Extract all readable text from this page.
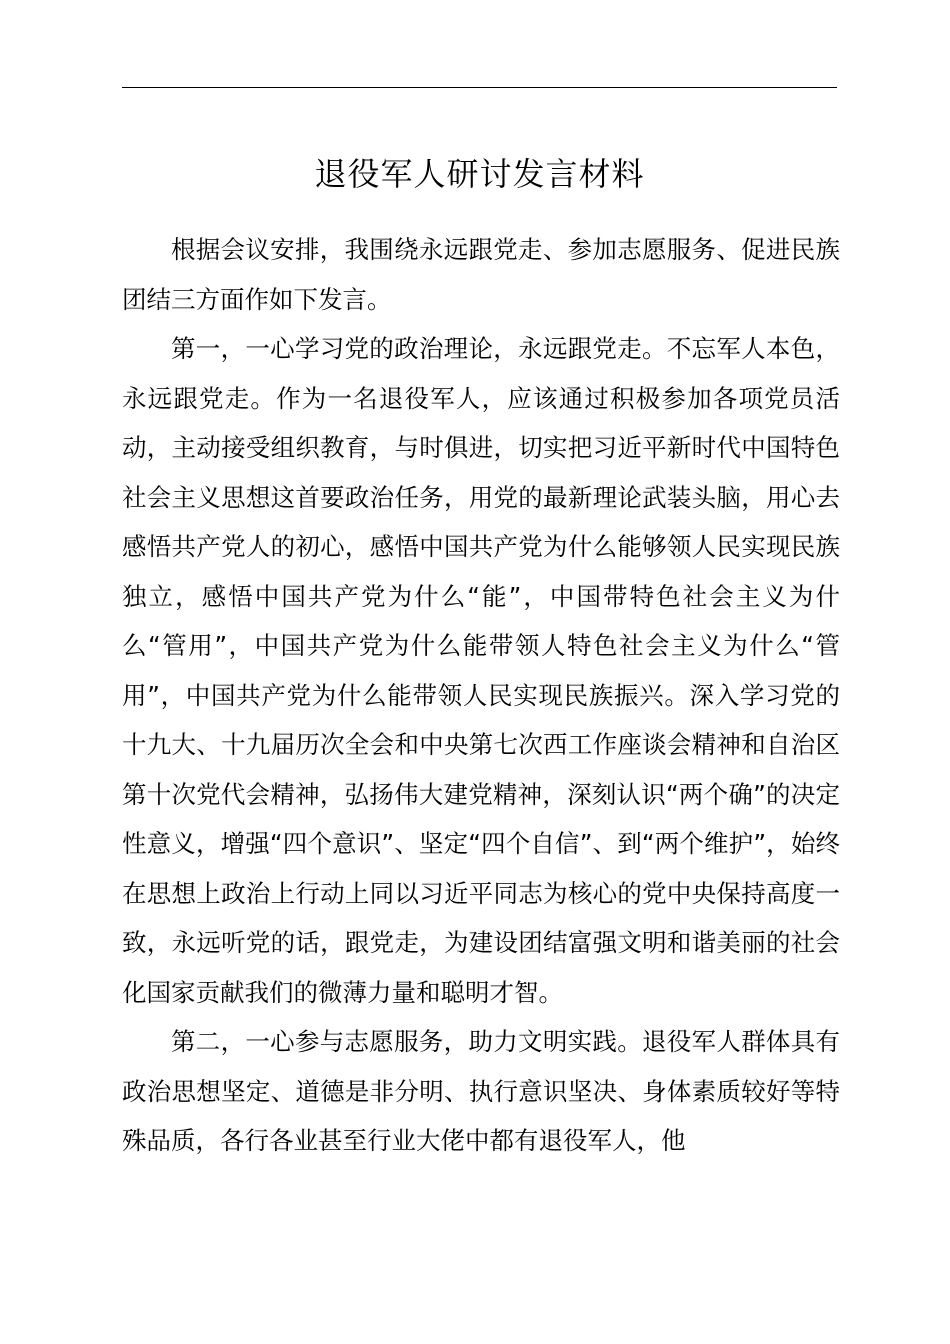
退役军人研讨发言材料

根据会议安排，我围绕永远跟党走、参加志愿服务、促进民族团结三方面作如下发言。

第一，一心学习党的政治理论，永远跟党走。不忘军人本色，永远跟党走。作为一名退役军人，应该通过积极参加各项党员活动，主动接受组织教育，与时俱进，切实把习近平新时代中国特色社会主义思想这首要政治任务，用党的最新理论武装头脑，用心去感悟共产党人的初心，感悟中国共产党为什么能够领人民实现民族独立，感悟中国共产党为什么“能”，中国带特色社会主义为什么“管用”，中国共产党为什么能带领人特色社会主义为什么“管用”，中国共产党为什么能带领人民实现民族振兴。深入学习党的十九大、十九届历次全会和中央第七次西工作座谈会精神和自治区第十次党代会精神，弘扬伟大建党精神，深刻认识“两个确”的决定性意义，增强“四个意识”、坚定“四个自信”、到“两个维护”，始终在思想上政治上行动上同以习近平同志为核心的党中央保持高度一致，永远听党的话，跟党走，为建设团结富强文明和谐美丽的社会化国家贡献我们的微薄力量和聪明才智。

第二，一心参与志愿服务，助力文明实践。退役军人群体具有政治思想坚定、道德是非分明、执行意识坚决、身体素质较好等特殊品质，各行各业甚至行业大佬中都有退役军人，他
